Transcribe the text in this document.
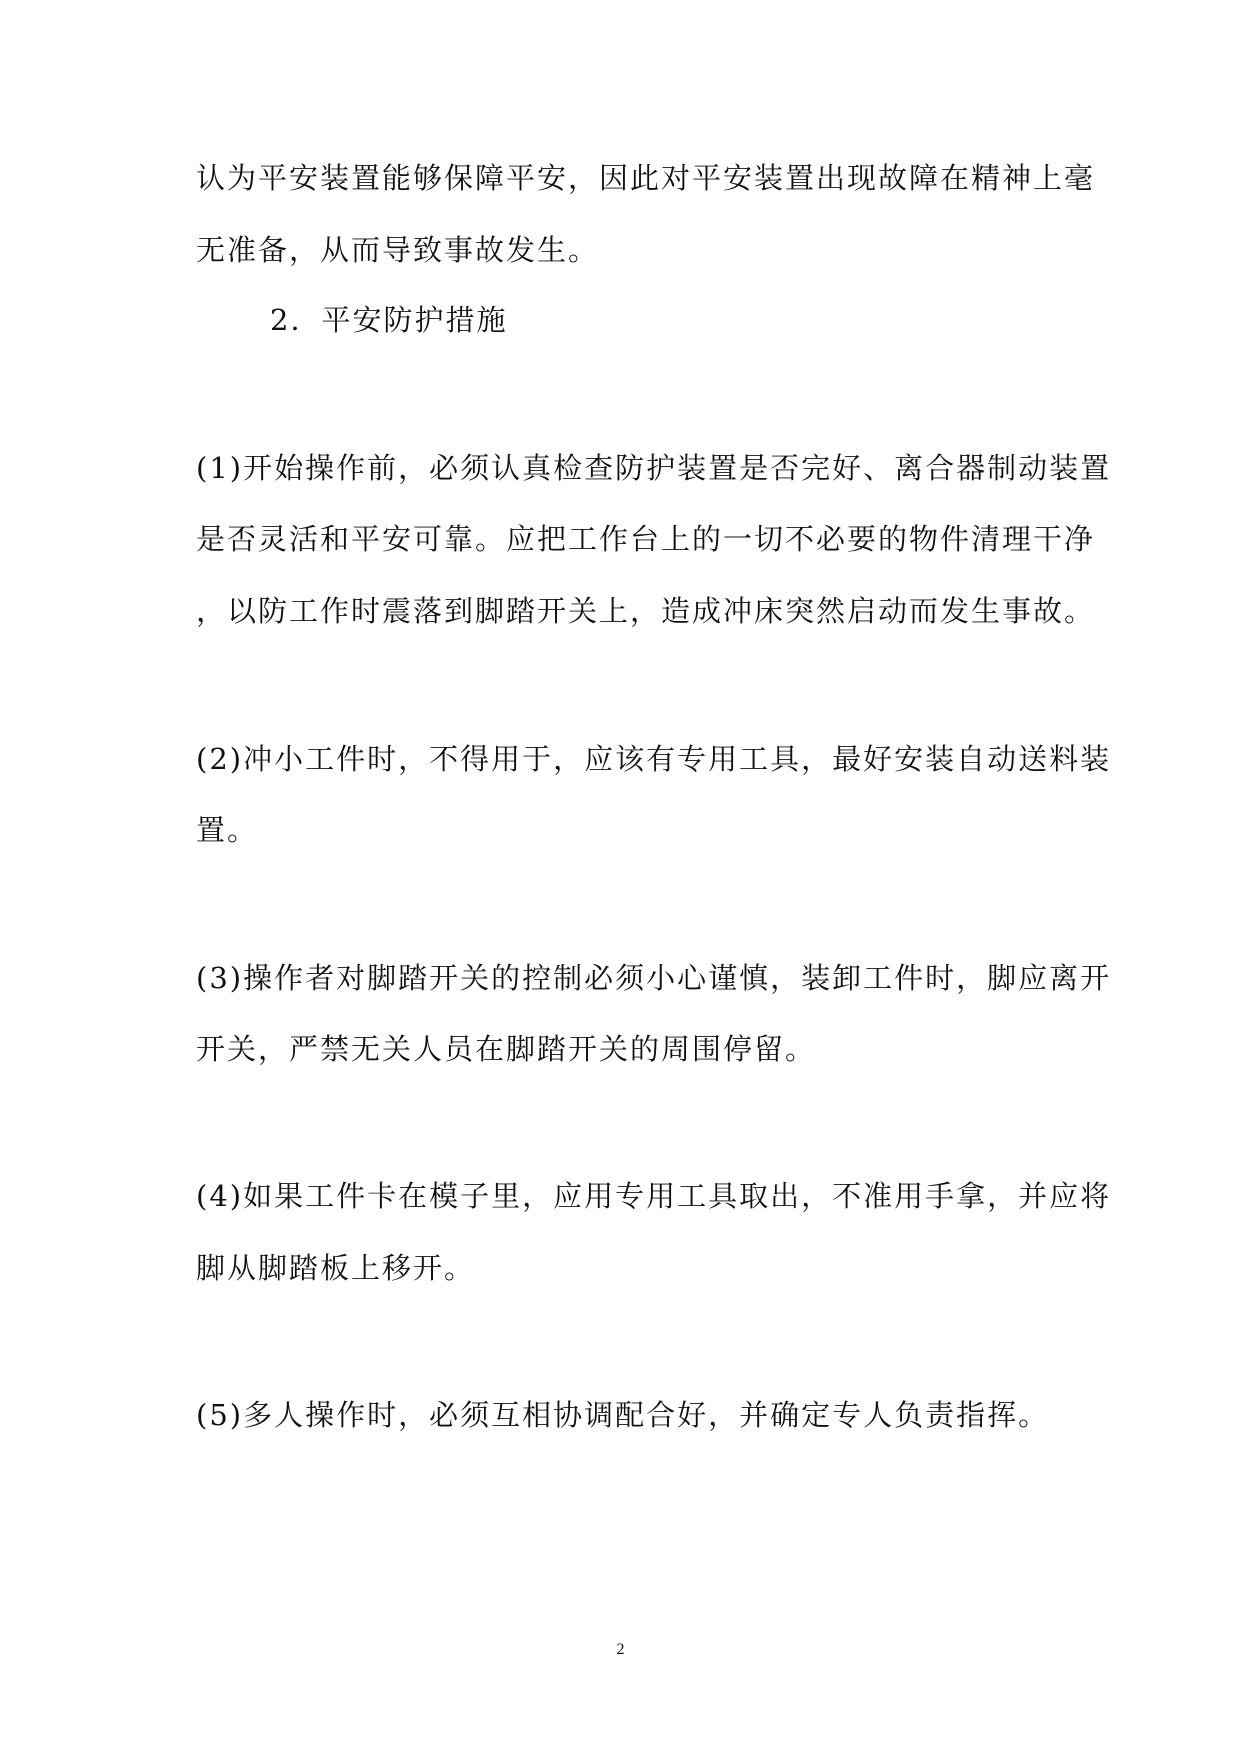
认为平安装置能够保障平安，因此对平安装置出现故障在精神上毫
无准备，从而导致事故发生。
2．平安防护措施
(1)开始操作前，必须认真检查防护装置是否完好、离合器制动装置
是否灵活和平安可靠。应把工作台上的一切不必要的物件清理干净
，以防工作时震落到脚踏开关上，造成冲床突然启动而发生事故。
(2)冲小工件时，不得用于，应该有专用工具，最好安装自动送料装
置。
(3)操作者对脚踏开关的控制必须小心谨慎，装卸工件时，脚应离开
开关，严禁无关人员在脚踏开关的周围停留。
(4)如果工件卡在模子里，应用专用工具取出，不准用手拿，并应将
脚从脚踏板上移开。
(5)多人操作时，必须互相协调配合好，并确定专人负责指挥。
2
